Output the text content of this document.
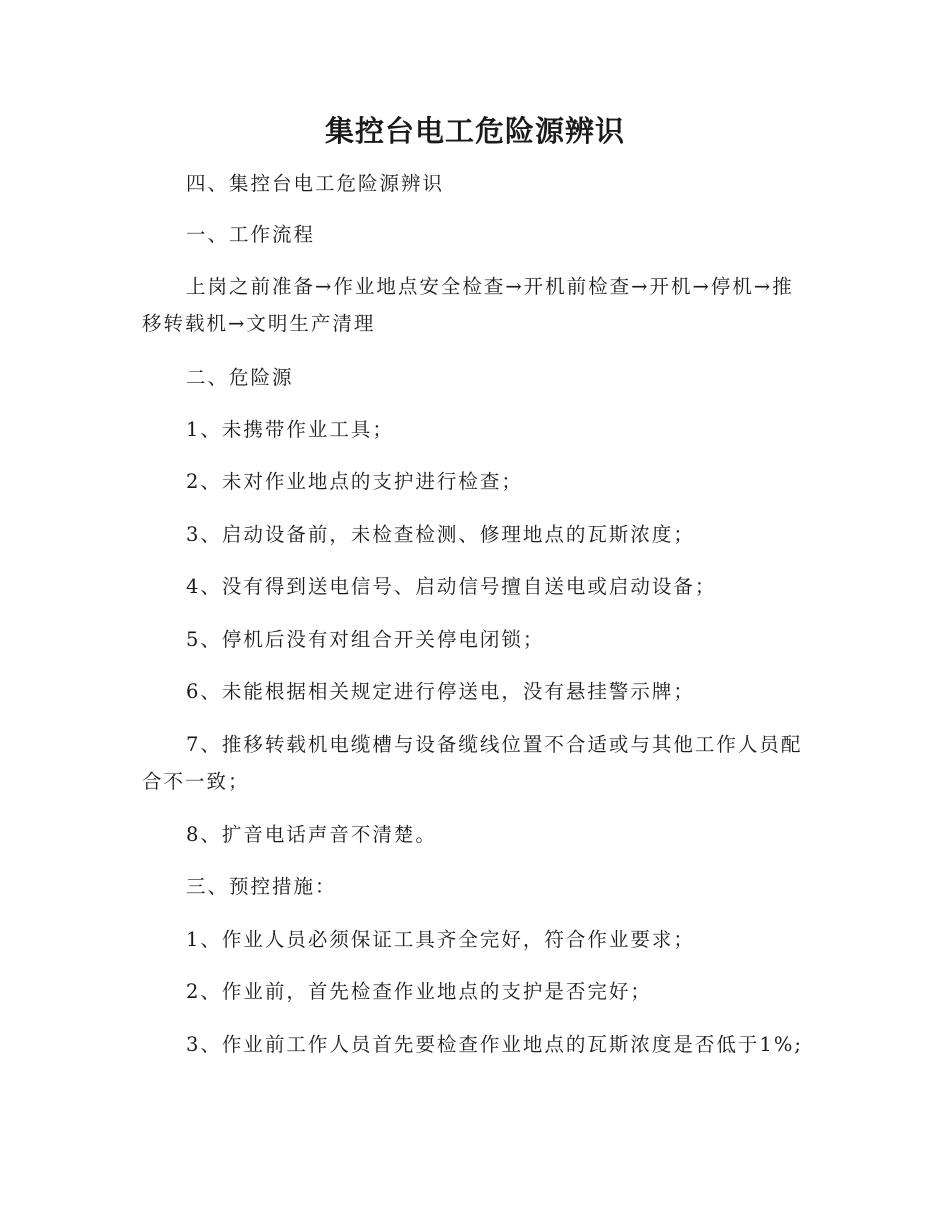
集控台电工危险源辨识

四、集控台电工危险源辨识

一、工作流程

上岗之前准备→作业地点安全检查→开机前检查→开机→停机→推移转载机→文明生产清理

二、危险源

1、未携带作业工具；

2、未对作业地点的支护进行检查；

3、启动设备前，未检查检测、修理地点的瓦斯浓度；

4、没有得到送电信号、启动信号擅自送电或启动设备；

5、停机后没有对组合开关停电闭锁；

6、未能根据相关规定进行停送电，没有悬挂警示牌；

7、推移转载机电缆槽与设备缆线位置不合适或与其他工作人员配合不一致；

8、扩音电话声音不清楚。

三、预控措施：

1、作业人员必须保证工具齐全完好，符合作业要求；

2、作业前，首先检查作业地点的支护是否完好；

3、作业前工作人员首先要检查作业地点的瓦斯浓度是否低于1%;
